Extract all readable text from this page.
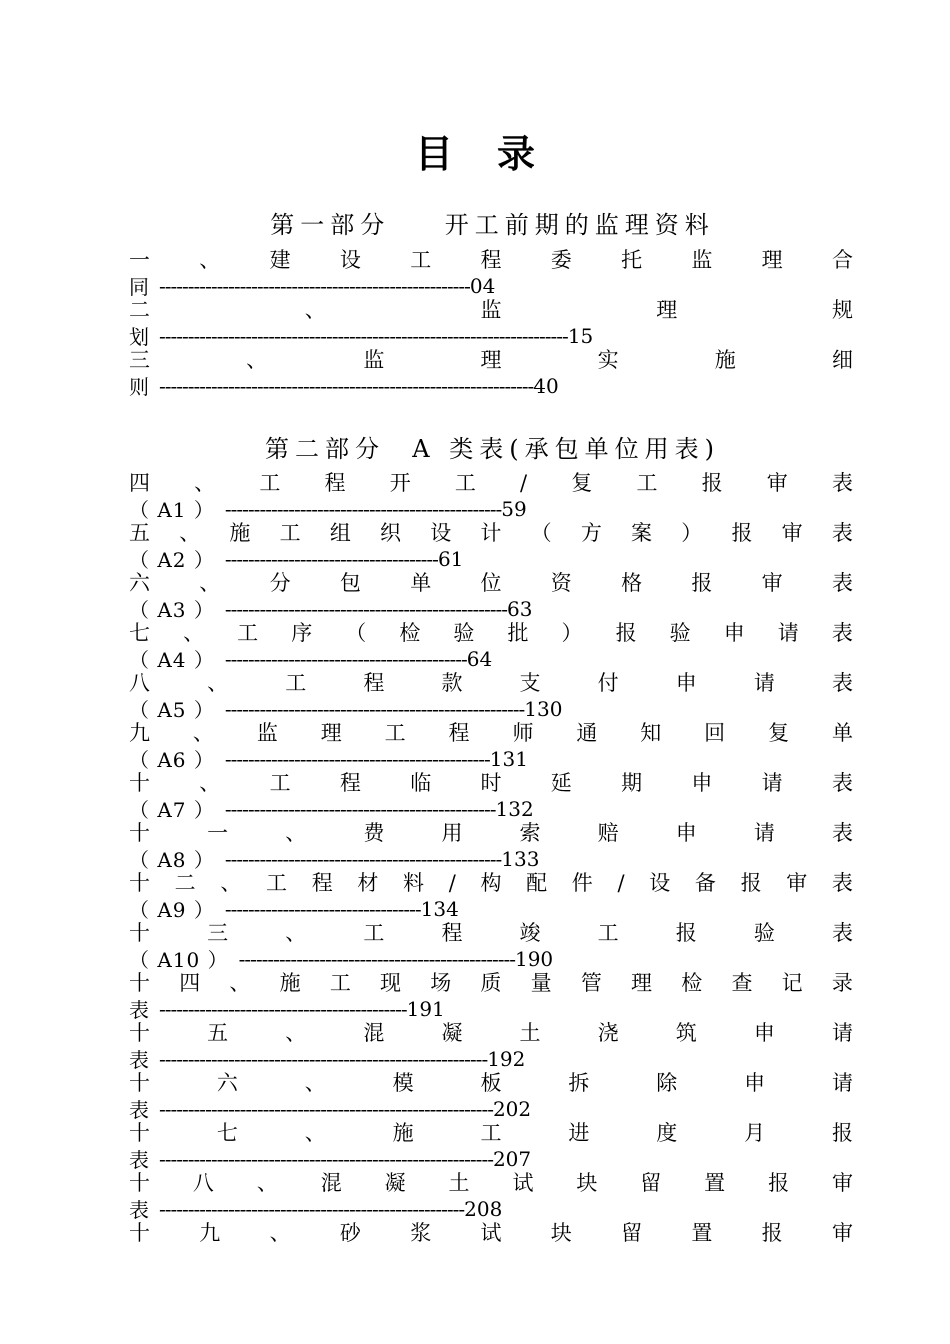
目 录
第一部分    开工前期的监理资料
一 、 建 设 工 程 委 托 监 理 合
同 ------------------------------------------------------ 04
二	、	监	理	规
划 ----------------------------------------------------------------------- 15
三	、	监	理	实	施	细
则 ----------------------------------------------------------------- 40
第二部分  A 类表(承包单位用表)
四 、 工 程 开 工 / 复 工 报 审 表
（ A1 ） ------------------------------------------------ 59
五 、 施 工 组 织 设 计 （ 方 案 ） 报 审 表
（ A2 ） ------------------------------------- 61
六 、 分 包 单 位 资 格 报 审 表
（ A3 ） ------------------------------------------------- 63
七 、 工 序 （ 检 验 批 ） 报 验 申 请 表
（ A4 ） ------------------------------------------ 64
八	、	工	程	款	支	付	申	请	表
（ A5 ） ---------------------------------------------------- 130
九 、 监 理 工 程 师 通 知 回 复 单
（ A6 ） ---------------------------------------------- 131
十 、 工 程 临 时 延 期 申 请 表
（ A7 ） ----------------------------------------------- 132
十	一	、	费	用	索	赔	申	请	表
（ A8 ） ------------------------------------------------ 133
十 二 、 工 程 材 料 / 构 配 件 / 设 备 报 审 表
（ A9 ） ---------------------------------- 134
十	三	、	工	程	竣	工	报	验	表
（ A10 ） ------------------------------------------------ 190
十 四 、 施 工 现 场 质 量 管 理 检 查 记 录
表 ------------------------------------------- 191
十	五	、	混	凝	土	浇	筑	申	请
表 --------------------------------------------------------- 192
十	六	、	模	板	拆	除	申	请
表 ---------------------------------------------------------- 202
十	七	、	施	工	进	度	月	报
表 ---------------------------------------------------------- 207
十 八 、 混 凝 土 试 块 留 置 报 审
表 ----------------------------------------------------- 208
十 九 、 砂 浆 试 块 留 置 报 审
